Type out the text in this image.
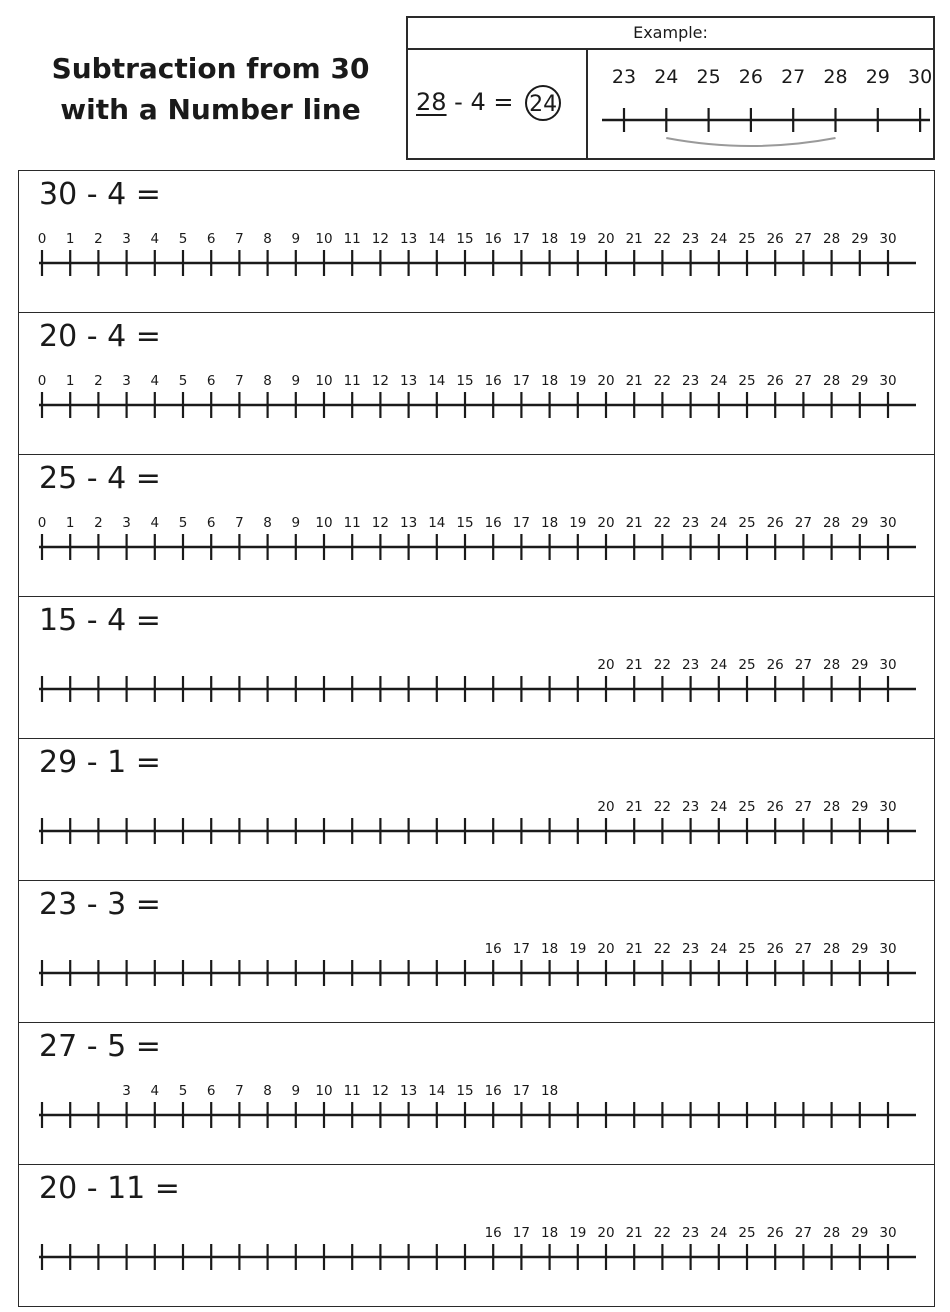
Subtraction from 30
with a Number line
Example:
28 - 4 = 24
23 24 25 26 27 28 29 30
30 - 4 =
0 1 2 3 4 5 6 7 8 9 10 11 12 13 14 15 16 17 18 19 20 21 22 23 24 25 26 27 28 29 30
20 - 4 =
0 1 2 3 4 5 6 7 8 9 10 11 12 13 14 15 16 17 18 19 20 21 22 23 24 25 26 27 28 29 30
25 - 4 =
0 1 2 3 4 5 6 7 8 9 10 11 12 13 14 15 16 17 18 19 20 21 22 23 24 25 26 27 28 29 30
15 - 4 =
20 21 22 23 24 25 26 27 28 29 30
29 - 1 =
20 21 22 23 24 25 26 27 28 29 30
23 - 3 =
16 17 18 19 20 21 22 23 24 25 26 27 28 29 30
27 - 5 =
3 4 5 6 7 8 9 10 11 12 13 14 15 16 17 18
20 - 11 =
16 17 18 19 20 21 22 23 24 25 26 27 28 29 30
